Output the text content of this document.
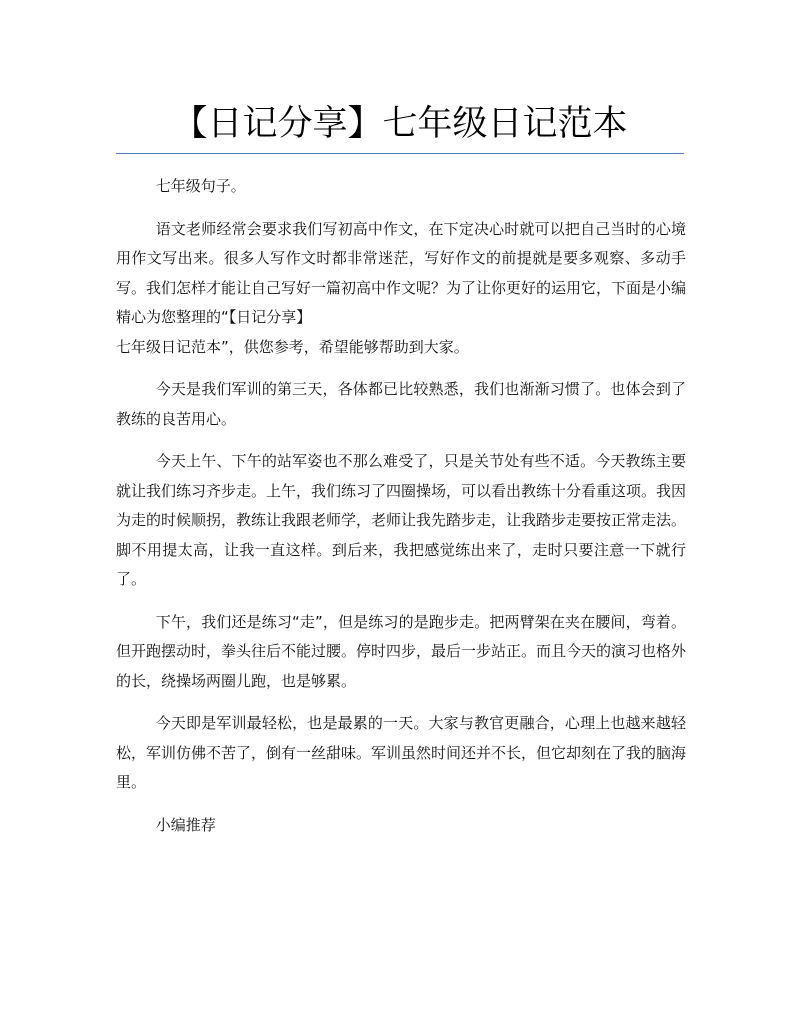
【日记分享】七年级日记范本

七年级句子。

语文老师经常会要求我们写初高中作文，在下定决心时就可以把自己当时的心境用作文写出来。很多人写作文时都非常迷茫，写好作文的前提就是要多观察、多动手写。我们怎样才能让自己写好一篇初高中作文呢？为了让你更好的运用它，下面是小编精心为您整理的“【日记分享】
七年级日记范本”，供您参考，希望能够帮助到大家。

今天是我们军训的第三天，各体都已比较熟悉，我们也渐渐习惯了。也体会到了教练的良苦用心。

今天上午、下午的站军姿也不那么难受了，只是关节处有些不适。今天教练主要就让我们练习齐步走。上午，我们练习了四圈操场，可以看出教练十分看重这项。我因为走的时候顺拐，教练让我跟老师学，老师让我先踏步走，让我踏步走要按正常走法。脚不用提太高，让我一直这样。到后来，我把感觉练出来了，走时只要注意一下就行了。

下午，我们还是练习“走”，但是练习的是跑步走。把两臂架在夹在腰间，弯着。但开跑摆动时，拳头往后不能过腰。停时四步，最后一步站正。而且今天的演习也格外的长，绕操场两圈儿跑，也是够累。

今天即是军训最轻松，也是最累的一天。大家与教官更融合，心理上也越来越轻松，军训仿佛不苦了，倒有一丝甜味。军训虽然时间还并不长，但它却刻在了我的脑海里。

小编推荐
